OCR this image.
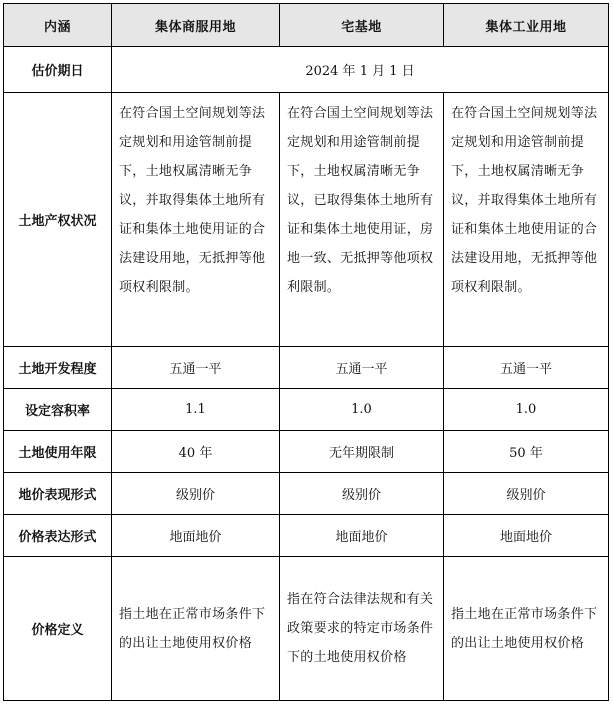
内涵	集体商服用地	宅基地	集体工业用地
估价期日	2024 年 1 月 1 日		
土地产权状况	在符合国土空间规划等法定规划和用途管制前提下，土地权属清晰无争议，并取得集体土地所有证和集体土地使用证的合法建设用地，无抵押等他项权利限制。	在符合国土空间规划等法定规划和用途管制前提下，土地权属清晰无争议，已取得集体土地所有证和集体土地使用证，房地一致、无抵押等他项权利限制。	在符合国土空间规划等法定规划和用途管制前提下，土地权属清晰无争议，并取得集体土地所有证和集体土地使用证的合法建设用地，无抵押等他项权利限制。

土地开发程度	五通一平	五通一平	五通一平
设定容积率	1.1	1.0	1.0
土地使用年限	40 年	无年期限制	50 年
地价表现形式	级别价	级别价	级别价
价格表达形式	地面地价	地面地价	地面地价
价格定义	指土地在正常市场条件下的出让土地使用权价格	指在符合法律法规和有关政策要求的特定市场条件下的土地使用权价格	指土地在正常市场条件下的出让土地使用权价格
